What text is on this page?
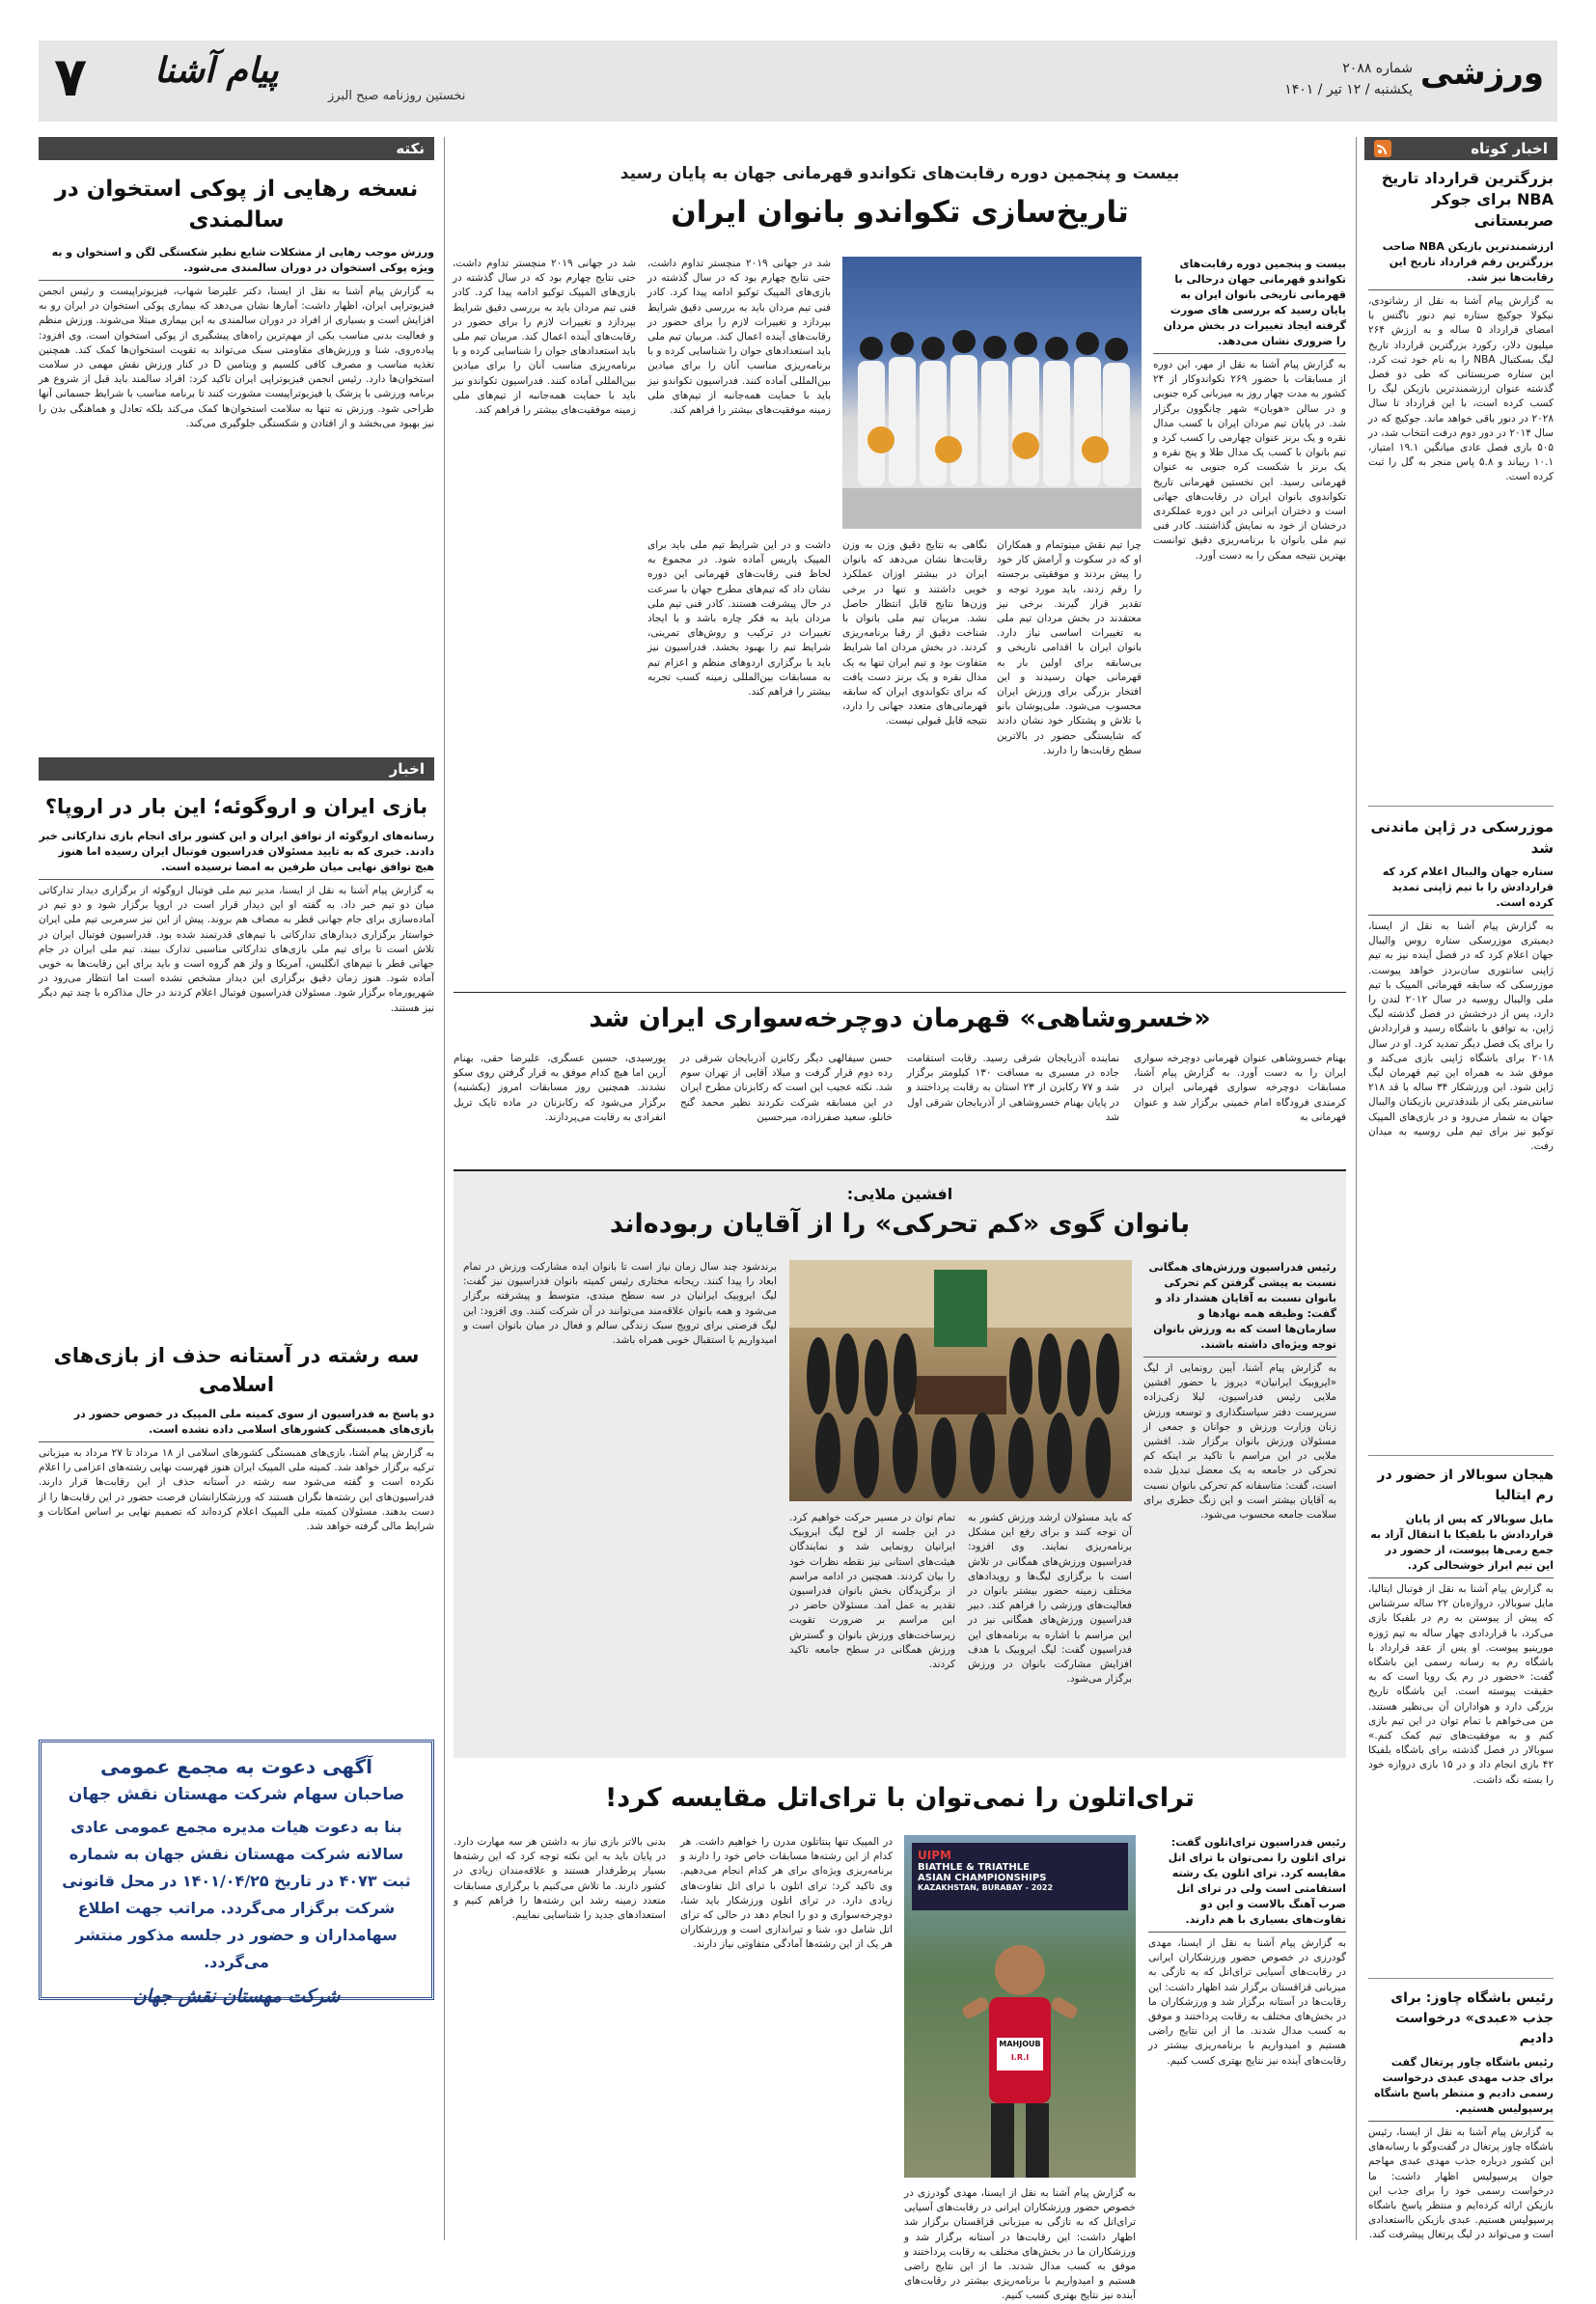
ورزشی
شماره ۲۰۸۸
یکشنبه / ۱۲ تیر / ۱۴۰۱
۷ پیام آشنا
نخستین روزنامه صبح البرز
اخبار کوتاه
بزرگترین قرارداد تاریخ NBA برای جوکر صربستانی
ارزشمندترین بازیکن NBA صاحب بزرگترین رقم قرارداد تاریخ این رقابت‌ها نیز شد.
به گزارش پیام آشنا به نقل از رشاتودی، نیکولا جوکیچ ستاره تیم دنور ناگتس با امضای قرارداد ۵ ساله و به ارزش ۲۶۴ میلیون دلار، رکورد بزرگترین قرارداد تاریخ لیگ بسکتبال NBA را به نام خود ثبت کرد. این ستاره صربستانی که طی دو فصل گذشته عنوان ارزشمندترین بازیکن لیگ را کسب کرده است، با این قرارداد تا سال ۲۰۲۸ در دنور باقی خواهد ماند. جوکیچ که در سال ۲۰۱۴ در دور دوم درفت انتخاب شد، در ۵۰۵ بازی فصل عادی میانگین ۱۹.۱ امتیاز، ۱۰.۱ ریباند و ۵.۸ پاس منجر به گل را ثبت کرده است.
موزرسکی در ژاپن ماندنی شد
ستاره جهان والیبال اعلام کرد که قراردادش را با تیم ژاپنی تمدید کرده است.
به گزارش پیام آشنا به نقل از ایسنا، دیمیتری موزرسکی ستاره روس والیبال جهان اعلام کرد که در فصل آینده نیز به تیم ژاپنی سانتوری سان‌بردز خواهد پیوست. موزرسکی که سابقه قهرمانی المپیک با تیم ملی والیبال روسیه در سال ۲۰۱۲ لندن را دارد، پس از درخشش در فصل گذشته لیگ ژاپن، به توافق با باشگاه رسید و قراردادش را برای یک فصل دیگر تمدید کرد. او در سال ۲۰۱۸ برای باشگاه ژاپنی بازی می‌کند و موفق شد به همراه این تیم قهرمان لیگ ژاپن شود. این ورزشکار ۳۴ ساله با قد ۲۱۸ سانتی‌متر یکی از بلندقدترین بازیکنان والیبال جهان به شمار می‌رود و در بازی‌های المپیک توکیو نیز برای تیم ملی روسیه به میدان رفت.
هیجان سوبالار از حضور در رم ایتالیا
مایل سوبالار که پس از پایان قراردادش با بلفیکا با انتقال آزاد به جمع رمی‌ها پیوست، از حضور در این تیم ابراز خوشحالی کرد.
به گزارش پیام آشنا به نقل از فوتبال ایتالیا، مایل سوبالار، دروازه‌بان ۲۲ ساله سرشناس که پیش از پیوستن به رم در بلفیکا بازی می‌کرد، با قراردادی چهار ساله به تیم ژوزه مورینیو پیوست. او پس از عقد قرارداد با باشگاه رم به رسانه رسمی این باشگاه گفت: «حضور در رم یک رویا است که به حقیقت پیوسته است. این باشگاه تاریخ بزرگی دارد و هواداران آن بی‌نظیر هستند. من می‌خواهم با تمام توان در این تیم بازی کنم و به موفقیت‌های تیم کمک کنم.» سوبالار در فصل گذشته برای باشگاه بلفیکا ۴۲ بازی انجام داد و در ۱۵ بازی دروازه خود را بسته نگه داشت.
رئیس باشگاه چاوز: برای جذب «عبدی» درخواست دادیم
رئیس باشگاه چاوز پرتغال گفت برای جذب مهدی عبدی درخواست رسمی دادیم و منتظر پاسخ باشگاه پرسپولیس هستیم.
به گزارش پیام آشنا به نقل از ایسنا، رئیس باشگاه چاوز پرتغال در گفت‌وگو با رسانه‌های این کشور درباره جذب مهدی عبدی مهاجم جوان پرسپولیس اظهار داشت: ما درخواست رسمی خود را برای جذب این بازیکن ارائه کرده‌ایم و منتظر پاسخ باشگاه پرسپولیس هستیم. عبدی بازیکن بااستعدادی است و می‌تواند در لیگ پرتغال پیشرفت کند.
بیست و پنجمین دوره رقابت‌های تکواندو قهرمانی جهان به پایان رسید
تاریخ‌سازی تکواندو بانوان ایران
بیست و پنجمین دوره رقابت‌های تکواندو قهرمانی جهان درحالی با قهرمانی تاریخی بانوان ایران به پایان رسید که بررسی های صورت گرفته ایجاد تغییرات در بخش مردان را ضروری نشان می‌دهد.
به گزارش پیام آشنا به نقل از مهر، این دوره از مسابقات با حضور ۲۶۹ تکواندوکار از ۲۴ کشور به مدت چهار روز به میزبانی کره جنوبی و در سالن «هوبان» شهر چانگوون برگزار شد. در پایان تیم مردان ایران با کسب مدال نقره و یک برنز عنوان چهارمی را کسب کرد و تیم بانوان با کسب یک مدال طلا و پنج نقره و یک برنز با شکست کره جنوبی به عنوان قهرمانی رسید. این نخستین قهرمانی تاریخ تکواندوی بانوان ایران در رقابت‌های جهانی است و دختران ایرانی در این دوره عملکردی درخشان از خود به نمایش گذاشتند. کادر فنی تیم ملی بانوان با برنامه‌ریزی دقیق توانست بهترین نتیجه ممکن را به دست آورد.
شد در جهانی ۲۰۱۹ منچستر تداوم داشت، حتی نتایج چهارم بود که در سال گذشته در بازی‌های المپیک توکیو ادامه پیدا کرد. کادر فنی تیم مردان باید به بررسی دقیق شرایط بپردازد و تغییرات لازم را برای حضور در رقابت‌های آینده اعمال کند. مربیان تیم ملی باید استعدادهای جوان را شناسایی کرده و با برنامه‌ریزی مناسب آنان را برای میادین بین‌المللی آماده کنند. فدراسیون تکواندو نیز باید با حمایت همه‌جانبه از تیم‌های ملی زمینه موفقیت‌های بیشتر را فراهم کند.
چرا تیم نقش مینوتمام و همکاران او که در سکوت و آرامش کار خود را پیش بردند و موفقیتی برجسته را رقم زدند، باید مورد توجه و تقدیر قرار گیرند. برخی نیز معتقدند در بخش مردان تیم ملی به تغییرات اساسی نیاز دارد. بانوان ایران با اقدامی تاریخی و بی‌سابقه برای اولین بار به قهرمانی جهان رسیدند و این افتخار بزرگی برای ورزش ایران محسوب می‌شود. ملی‌پوشان بانو با تلاش و پشتکار خود نشان دادند که شایستگی حضور در بالاترین سطح رقابت‌ها را دارند.
نگاهی به نتایج دقیق وزن به وزن رقابت‌ها نشان می‌دهد که بانوان ایران در بیشتر اوزان عملکرد خوبی داشتند و تنها در برخی وزن‌ها نتایج قابل انتظار حاصل نشد. مربیان تیم ملی بانوان با شناخت دقیق از رقبا برنامه‌ریزی کردند. در بخش مردان اما شرایط متفاوت بود و تیم ایران تنها به یک مدال نقره و یک برنز دست یافت که برای تکواندوی ایران که سابقه قهرمانی‌های متعدد جهانی را دارد، نتیجه قابل قبولی نیست.
داشت و در این شرایط تیم ملی باید برای المپیک پاریس آماده شود. در مجموع به لحاظ فنی رقابت‌های قهرمانی این دوره نشان داد که تیم‌های مطرح جهان با سرعت در حال پیشرفت هستند. کادر فنی تیم ملی مردان باید به فکر چاره باشد و با ایجاد تغییرات در ترکیب و روش‌های تمرینی، شرایط تیم را بهبود بخشد. فدراسیون نیز باید با برگزاری اردوهای منظم و اعزام تیم به مسابقات بین‌المللی زمینه کسب تجربه بیشتر را فراهم کند.
شد در جهانی ۲۰۱۹ منچستر تداوم داشت، حتی نتایج چهارم بود که در سال گذشته در بازی‌های المپیک توکیو ادامه پیدا کرد. کادر فنی تیم مردان باید به بررسی دقیق شرایط بپردازد و تغییرات لازم را برای حضور در رقابت‌های آینده اعمال کند. مربیان تیم ملی باید استعدادهای جوان را شناسایی کرده و با برنامه‌ریزی مناسب آنان را برای میادین بین‌المللی آماده کنند. فدراسیون تکواندو نیز باید با حمایت همه‌جانبه از تیم‌های ملی زمینه موفقیت‌های بیشتر را فراهم کند.
«خسروشاهی» قهرمان دوچرخه‌سواری ایران شد
بهنام خسروشاهی عنوان قهرمانی دوچرخه سواری ایران را به دست آورد. به گزارش پیام آشنا، مسابقات دوچرخه سواری قهرمانی ایران در کرمندی فرودگاه امام خمینی برگزار شد و عنوان قهرمانی به
نماینده آذربایجان شرقی رسید. رقابت استقامت جاده در مسیری به مسافت ۱۳۰ کیلومتر برگزار شد و ۷۷ رکابزن از ۲۳ استان به رقابت پرداختند و در پایان بهنام خسروشاهی از آذربایجان شرقی اول شد
حسن سیفالهی دیگر رکابزن آذربایجان شرقی در رده دوم قرار گرفت و میلاد آقایی از تهران سوم شد. نکته عجیب این است که رکابزنان مطرح ایران در این مسابقه شرکت نکردند نظیر محمد گنج خانلو، سعید صفرزاده، میرحسین
پورسیدی، حسین عسگری، علیرضا حقی، بهنام آرین اما هیچ کدام موفق به قرار گرفتن روی سکو نشدند. همچنین روز مسابقات امروز (یکشنبه) برگزار می‌شود که رکابزنان در ماده تایک تریل انفرادی به رقابت می‌پردازند.
افشین ملایی:
بانوان گوی «کم تحرکی» را از آقایان ربوده‌اند
رئیس فدراسیون ورزش‌های همگانی نسبت به پیشی گرفتن کم تحرکی بانوان نسبت به آقایان هشدار داد و گفت: وظیفه همه نهادها و سازمان‌ها است که به ورزش بانوان توجه ویژه‌ای داشته باشند.
به گزارش پیام آشنا، آیین رونمایی از لیگ «ایروبیک ایرانیان» دیروز با حضور افشین ملایی رئیس فدراسیون، لیلا زکی‌زاده سرپرست دفتر سیاستگذاری و توسعه ورزش زنان وزارت ورزش و جوانان و جمعی از مسئولان ورزش بانوان برگزار شد. افشین ملایی در این مراسم با تاکید بر اینکه کم تحرکی در جامعه به یک معضل تبدیل شده است، گفت: متاسفانه کم تحرکی بانوان نسبت به آقایان بیشتر است و این زنگ خطری برای سلامت جامعه محسوب می‌شود.
که باید مسئولان ارشد ورزش کشور به آن توجه کنند و برای رفع این مشکل برنامه‌ریزی نمایند. وی افزود: فدراسیون ورزش‌های همگانی در تلاش است با برگزاری لیگ‌ها و رویدادهای مختلف زمینه حضور بیشتر بانوان در فعالیت‌های ورزشی را فراهم کند. دبیر فدراسیون ورزش‌های همگانی نیز در این مراسم با اشاره به برنامه‌های این فدراسیون گفت: لیگ ایروبیک با هدف افزایش مشارکت بانوان در ورزش برگزار می‌شود.
تمام توان در مسیر حرکت خواهیم کرد. در این جلسه از لوح لیگ ایروبیک ایرانیان رونمایی شد و نمایندگان هیئت‌های استانی نیز نقطه نظرات خود را بیان کردند. همچنین در ادامه مراسم از برگزیدگان بخش بانوان فدراسیون تقدیر به عمل آمد. مسئولان حاضر در این مراسم بر ضرورت تقویت زیرساخت‌های ورزش بانوان و گسترش ورزش همگانی در سطح جامعه تاکید کردند.
برندشود چند سال زمان نیاز است تا بانوان ایده مشارکت ورزش در تمام ابعاد را پیدا کنند. ریحانه مختاری رئیس کمیته بانوان فدراسیون نیز گفت: لیگ ایروبیک ایرانیان در سه سطح مبتدی، متوسط و پیشرفته برگزار می‌شود و همه بانوان علاقه‌مند می‌توانند در آن شرکت کنند. وی افزود: این لیگ فرصتی برای ترویج سبک زندگی سالم و فعال در میان بانوان است و امیدواریم با استقبال خوبی همراه باشد.
ترای‌اتلون را نمی‌توان با ترای‌اتل مقایسه کرد!
رئیس فدراسیون ترای‌اتلون گفت: ترای اتلون را نمی‌توان با ترای اتل مقایسه کرد. ترای اتلون یک رشته استقامتی است ولی در ترای اتل ضرب آهنگ بالاست و این دو تفاوت‌های بسیاری با هم دارند.
به گزارش پیام آشنا به نقل از ایسنا، مهدی گودرزی در خصوص حضور ورزشکاران ایرانی در رقابت‌های آسیایی ترای‌اتل که به تازگی به میزبانی قزاقستان برگزار شد اظهار داشت: این رقابت‌ها در آستانه برگزار شد و ورزشکاران ما در بخش‌های مختلف به رقابت پرداختند و موفق به کسب مدال شدند. ما از این نتایج راضی هستیم و امیدواریم با برنامه‌ریزی بیشتر در رقابت‌های آینده نیز نتایج بهتری کسب کنیم.
UIPM
BIATHLE & TRIATHLE
ASIAN CHAMPIONSHIPS
KAZAKHSTAN, BURABAY - 2022
MAHJOUB
I.R.I
در المپیک تنها پنتاتلون مدرن را خواهیم داشت. هر کدام از این رشته‌ها مسابقات خاص خود را دارند و برنامه‌ریزی ویژه‌ای برای هر کدام انجام می‌دهیم. وی تاکید کرد: ترای اتلون با ترای اتل تفاوت‌های زیادی دارد. در ترای اتلون ورزشکار باید شنا، دوچرخه‌سواری و دو را انجام دهد در حالی که ترای اتل شامل دو، شنا و تیراندازی است و ورزشکاران هر یک از این رشته‌ها آمادگی متفاوتی نیاز دارند.
بدنی بالاتر بازی نیاز به داشتن هر سه مهارت دارد. در پایان باید به این نکته توجه کرد که این رشته‌ها بسیار پرطرفدار هستند و علاقه‌مندان زیادی در کشور دارند. ما تلاش می‌کنیم با برگزاری مسابقات متعدد زمینه رشد این رشته‌ها را فراهم کنیم و استعدادهای جدید را شناسایی نماییم.
به گزارش پیام آشنا به نقل از ایسنا، مهدی گودرزی در خصوص حضور ورزشکاران ایرانی در رقابت‌های آسیایی ترای‌اتل که به تازگی به میزبانی قزاقستان برگزار شد اظهار داشت: این رقابت‌ها در آستانه برگزار شد و ورزشکاران ما در بخش‌های مختلف به رقابت پرداختند و موفق به کسب مدال شدند. ما از این نتایج راضی هستیم و امیدواریم با برنامه‌ریزی بیشتر در رقابت‌های آینده نیز نتایج بهتری کسب کنیم.
نکته
نسخه رهایی از پوکی استخوان در سالمندی
ورزش موجب رهایی از مشکلات شایع نظیر شکستگی لگن و استخوان و به ویژه پوکی استخوان در دوران سالمندی می‌شود.
به گزارش پیام آشنا به نقل از ایسنا، دکتر علیرضا شهاب، فیزیوتراپیست و رئیس انجمن فیزیوتراپی ایران، اظهار داشت: آمارها نشان می‌دهد که بیماری پوکی استخوان در ایران رو به افزایش است و بسیاری از افراد در دوران سالمندی به این بیماری مبتلا می‌شوند. ورزش منظم و فعالیت بدنی مناسب یکی از مهم‌ترین راه‌های پیشگیری از پوکی استخوان است. وی افزود: پیاده‌روی، شنا و ورزش‌های مقاومتی سبک می‌تواند به تقویت استخوان‌ها کمک کند. همچنین تغذیه مناسب و مصرف کافی کلسیم و ویتامین D در کنار ورزش نقش مهمی در سلامت استخوان‌ها دارد. رئیس انجمن فیزیوتراپی ایران تاکید کرد: افراد سالمند باید قبل از شروع هر برنامه ورزشی با پزشک یا فیزیوتراپیست مشورت کنند تا برنامه مناسب با شرایط جسمانی آنها طراحی شود. ورزش نه تنها به سلامت استخوان‌ها کمک می‌کند بلکه تعادل و هماهنگی بدن را نیز بهبود می‌بخشد و از افتادن و شکستگی جلوگیری می‌کند.
اخبار
بازی ایران و اروگوئه؛ این بار در اروپا؟
رسانه‌های اروگوئه از توافق ایران و این کشور برای انجام بازی تدارکاتی خبر دادند. خبری که به تایید مسئولان فدراسیون فوتبال ایران رسیده اما هنوز هیچ توافق نهایی میان طرفین به امضا نرسیده است.
به گزارش پیام آشنا به نقل از ایسنا، مدیر تیم ملی فوتبال اروگوئه از برگزاری دیدار تدارکاتی میان دو تیم خبر داد. به گفته او این دیدار قرار است در اروپا برگزار شود و دو تیم در آماده‌سازی برای جام جهانی قطر به مصاف هم بروند. پیش از این نیز سرمربی تیم ملی ایران خواستار برگزاری دیدارهای تدارکاتی با تیم‌های قدرتمند شده بود. فدراسیون فوتبال ایران در تلاش است تا برای تیم ملی بازی‌های تدارکاتی مناسبی تدارک ببیند. تیم ملی ایران در جام جهانی قطر با تیم‌های انگلیس، آمریکا و ولز هم گروه است و باید برای این رقابت‌ها به خوبی آماده شود. هنوز زمان دقیق برگزاری این دیدار مشخص نشده است اما انتظار می‌رود در شهریورماه برگزار شود. مسئولان فدراسیون فوتبال اعلام کردند در حال مذاکره با چند تیم دیگر نیز هستند.
سه رشته در آستانه حذف از بازی‌های اسلامی
دو پاسخ به فدراسیون از سوی کمیته ملی المپیک در خصوص حضور در بازی‌های همبستگی کشورهای اسلامی داده نشده است.
به گزارش پیام آشنا، بازی‌های همبستگی کشورهای اسلامی از ۱۸ مرداد تا ۲۷ مرداد به میزبانی ترکیه برگزار خواهد شد. کمیته ملی المپیک ایران هنوز فهرست نهایی رشته‌های اعزامی را اعلام نکرده است و گفته می‌شود سه رشته در آستانه حذف از این رقابت‌ها قرار دارند. فدراسیون‌های این رشته‌ها نگران هستند که ورزشکارانشان فرصت حضور در این رقابت‌ها را از دست بدهند. مسئولان کمیته ملی المپیک اعلام کرده‌اند که تصمیم نهایی بر اساس امکانات و شرایط مالی گرفته خواهد شد.
آگهی دعوت به مجمع عمومی
صاحبان سهام شرکت مهستان نقش جهان
بنا به دعوت هیات مدیره مجمع عمومی عادی سالانه شرکت مهستان نقش جهان به شماره ثبت ۴۰۷۳ در تاریخ ۱۴۰۱/۰۴/۲۵ در محل قانونی شرکت برگزار می‌گردد. مراتب جهت اطلاع سهامداران و حضور در جلسه مذکور منتشر می‌گردد.
شرکت مهستان نقش جهان
